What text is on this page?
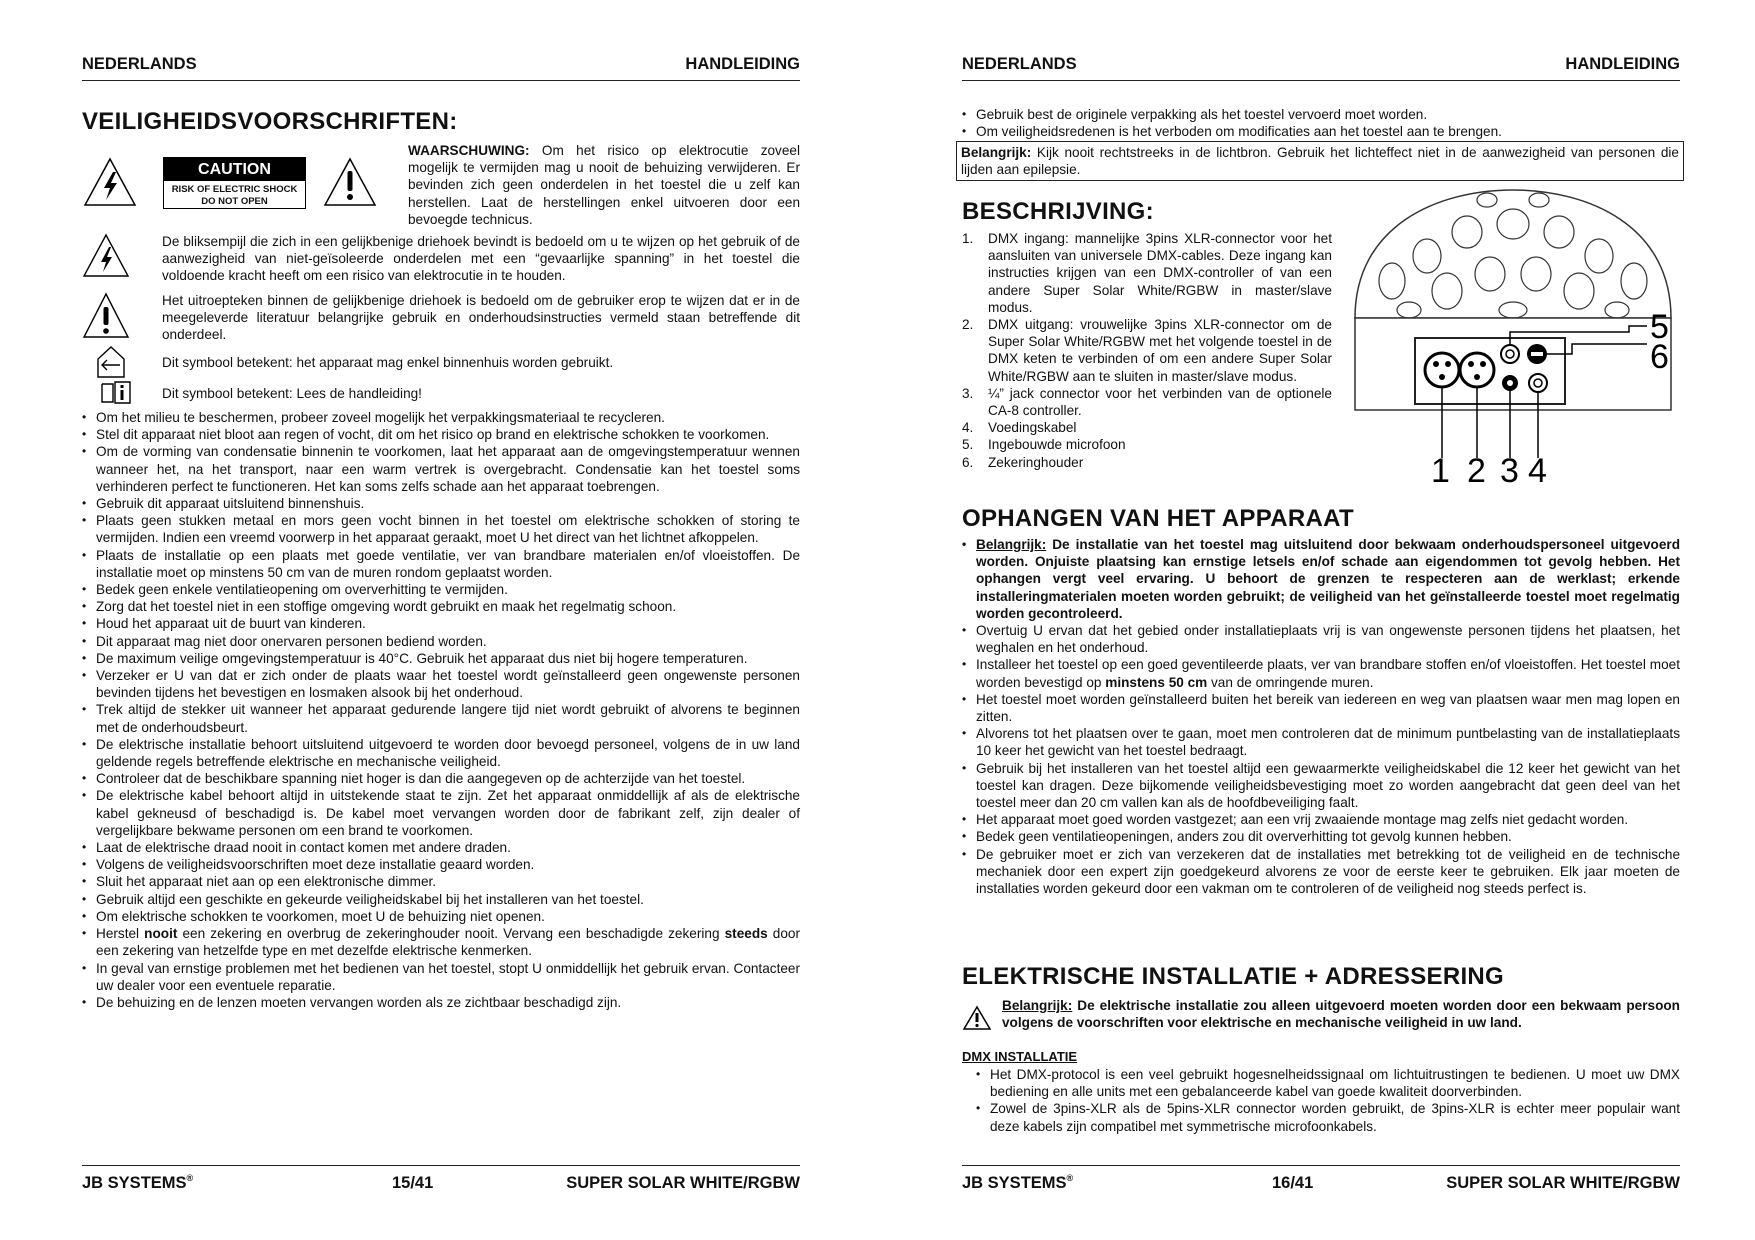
NEDERLANDS	HANDLEIDING
VEILIGHEIDSVOORSCHRIFTEN:
CAUTION
RISK OF ELECTRIC SHOCK
DO NOT OPEN
WAARSCHUWING: Om het risico op elektrocutie zoveel mogelijk te vermijden mag u nooit de behuizing verwijderen. Er bevinden zich geen onderdelen in het toestel die u zelf kan herstellen. Laat de herstellingen enkel uitvoeren door een bevoegde technicus.
De bliksempijl die zich in een gelijkbenige driehoek bevindt is bedoeld om u te wijzen op het gebruik of de aanwezigheid van niet-geïsoleerde onderdelen met een “gevaarlijke spanning” in het toestel die voldoende kracht heeft om een risico van elektrocutie in te houden.
Het uitroepteken binnen de gelijkbenige driehoek is bedoeld om de gebruiker erop te wijzen dat er in de meegeleverde literatuur belangrijke gebruik en onderhoudsinstructies vermeld staan betreffende dit onderdeel.
Dit symbool betekent: het apparaat mag enkel binnenhuis worden gebruikt.
Dit symbool betekent: Lees de handleiding!
• Om het milieu te beschermen, probeer zoveel mogelijk het verpakkingsmateriaal te recycleren.
• Stel dit apparaat niet bloot aan regen of vocht, dit om het risico op brand en elektrische schokken te voorkomen.
• Om de vorming van condensatie binnenin te voorkomen, laat het apparaat aan de omgevingstemperatuur wennen wanneer het, na het transport, naar een warm vertrek is overgebracht. Condensatie kan het toestel soms verhinderen perfect te functioneren. Het kan soms zelfs schade aan het apparaat toebrengen.
• Gebruik dit apparaat uitsluitend binnenshuis.
• Plaats geen stukken metaal en mors geen vocht binnen in het toestel om elektrische schokken of storing te vermijden. Indien een vreemd voorwerp in het apparaat geraakt, moet U het direct van het lichtnet afkoppelen.
• Plaats de installatie op een plaats met goede ventilatie, ver van brandbare materialen en/of vloeistoffen. De installatie moet op minstens 50 cm van de muren rondom geplaatst worden.
• Bedek geen enkele ventilatieopening om oververhitting te vermijden.
• Zorg dat het toestel niet in een stoffige omgeving wordt gebruikt en maak het regelmatig schoon.
• Houd het apparaat uit de buurt van kinderen.
• Dit apparaat mag niet door onervaren personen bediend worden.
• De maximum veilige omgevingstemperatuur is 40°C. Gebruik het apparaat dus niet bij hogere temperaturen.
• Verzeker er U van dat er zich onder de plaats waar het toestel wordt geïnstalleerd geen ongewenste personen bevinden tijdens het bevestigen en losmaken alsook bij het onderhoud.
• Trek altijd de stekker uit wanneer het apparaat gedurende langere tijd niet wordt gebruikt of alvorens te beginnen met de onderhoudsbeurt.
• De elektrische installatie behoort uitsluitend uitgevoerd te worden door bevoegd personeel, volgens de in uw land geldende regels betreffende elektrische en mechanische veiligheid.
• Controleer dat de beschikbare spanning niet hoger is dan die aangegeven op de achterzijde van het toestel.
• De elektrische kabel behoort altijd in uitstekende staat te zijn. Zet het apparaat onmiddellijk af als de elektrische kabel gekneusd of beschadigd is. De kabel moet vervangen worden door de fabrikant zelf, zijn dealer of vergelijkbare bekwame personen om een brand te voorkomen.
• Laat de elektrische draad nooit in contact komen met andere draden.
• Volgens de veiligheidsvoorschriften moet deze installatie geaard worden.
• Sluit het apparaat niet aan op een elektronische dimmer.
• Gebruik altijd een geschikte en gekeurde veiligheidskabel bij het installeren van het toestel.
• Om elektrische schokken te voorkomen, moet U de behuizing niet openen.
• Herstel nooit een zekering en overbrug de zekeringhouder nooit. Vervang een beschadigde zekering steeds door een zekering van hetzelfde type en met dezelfde elektrische kenmerken.
• In geval van ernstige problemen met het bedienen van het toestel, stopt U onmiddellijk het gebruik ervan. Contacteer uw dealer voor een eventuele reparatie.
• De behuizing en de lenzen moeten vervangen worden als ze zichtbaar beschadigd zijn.
JB SYSTEMS®	15/41	SUPER SOLAR WHITE/RGBW
NEDERLANDS	HANDLEIDING
• Gebruik best de originele verpakking als het toestel vervoerd moet worden.
• Om veiligheidsredenen is het verboden om modificaties aan het toestel aan te brengen.
Belangrijk: Kijk nooit rechtstreeks in de lichtbron. Gebruik het lichteffect niet in de aanwezigheid van personen die lijden aan epilepsie.
BESCHRIJVING:
1. DMX ingang: mannelijke 3pins XLR-connector voor het aansluiten van universele DMX-cables. Deze ingang kan instructies krijgen van een DMX-controller of van een andere Super Solar White/RGBW in master/slave modus.
2. DMX uitgang: vrouwelijke 3pins XLR-connector om de Super Solar White/RGBW met het volgende toestel in de DMX keten te verbinden of om een andere Super Solar White/RGBW aan te sluiten in master/slave modus.
3. ¼” jack connector voor het verbinden van de optionele CA-8 controller.
4. Voedingskabel
5. Ingebouwde microfoon
6. Zekeringhouder	1 2 3 4
5
6
OPHANGEN VAN HET APPARAAT
• Belangrijk: De installatie van het toestel mag uitsluitend door bekwaam onderhoudspersoneel uitgevoerd worden. Onjuiste plaatsing kan ernstige letsels en/of schade aan eigendommen tot gevolg hebben. Het ophangen vergt veel ervaring. U behoort de grenzen te respecteren aan de werklast; erkende installeringmaterialen moeten worden gebruikt; de veiligheid van het geïnstalleerde toestel moet regelmatig worden gecontroleerd.
• Overtuig U ervan dat het gebied onder installatieplaats vrij is van ongewenste personen tijdens het plaatsen, het weghalen en het onderhoud.
• Installeer het toestel op een goed geventileerde plaats, ver van brandbare stoffen en/of vloeistoffen. Het toestel moet worden bevestigd op minstens 50 cm van de omringende muren.
• Het toestel moet worden geïnstalleerd buiten het bereik van iedereen en weg van plaatsen waar men mag lopen en zitten.
• Alvorens tot het plaatsen over te gaan, moet men controleren dat de minimum puntbelasting van de installatieplaats 10 keer het gewicht van het toestel bedraagt.
• Gebruik bij het installeren van het toestel altijd een gewaarmerkte veiligheidskabel die 12 keer het gewicht van het toestel kan dragen. Deze bijkomende veiligheidsbevestiging moet zo worden aangebracht dat geen deel van het toestel meer dan 20 cm vallen kan als de hoofdbeveiliging faalt.
• Het apparaat moet goed worden vastgezet; aan een vrij zwaaiende montage mag zelfs niet gedacht worden.
• Bedek geen ventilatieopeningen, anders zou dit oververhitting tot gevolg kunnen hebben.
• De gebruiker moet er zich van verzekeren dat de installaties met betrekking tot de veiligheid en de technische mechaniek door een expert zijn goedgekeurd alvorens ze voor de eerste keer te gebruiken. Elk jaar moeten de installaties worden gekeurd door een vakman om te controleren of de veiligheid nog steeds perfect is.
ELEKTRISCHE INSTALLATIE + ADRESSERING
Belangrijk: De elektrische installatie zou alleen uitgevoerd moeten worden door een bekwaam persoon volgens de voorschriften voor elektrische en mechanische veiligheid in uw land.
DMX INSTALLATIE
• Het DMX-protocol is een veel gebruikt hogesnelheidssignaal om lichtuitrustingen te bedienen. U moet uw DMX bediening en alle units met een gebalanceerde kabel van goede kwaliteit doorverbinden.
• Zowel de 3pins-XLR als de 5pins-XLR connector worden gebruikt, de 3pins-XLR is echter meer populair want deze kabels zijn compatibel met symmetrische microfoonkabels.
JB SYSTEMS®	16/41	SUPER SOLAR WHITE/RGBW
